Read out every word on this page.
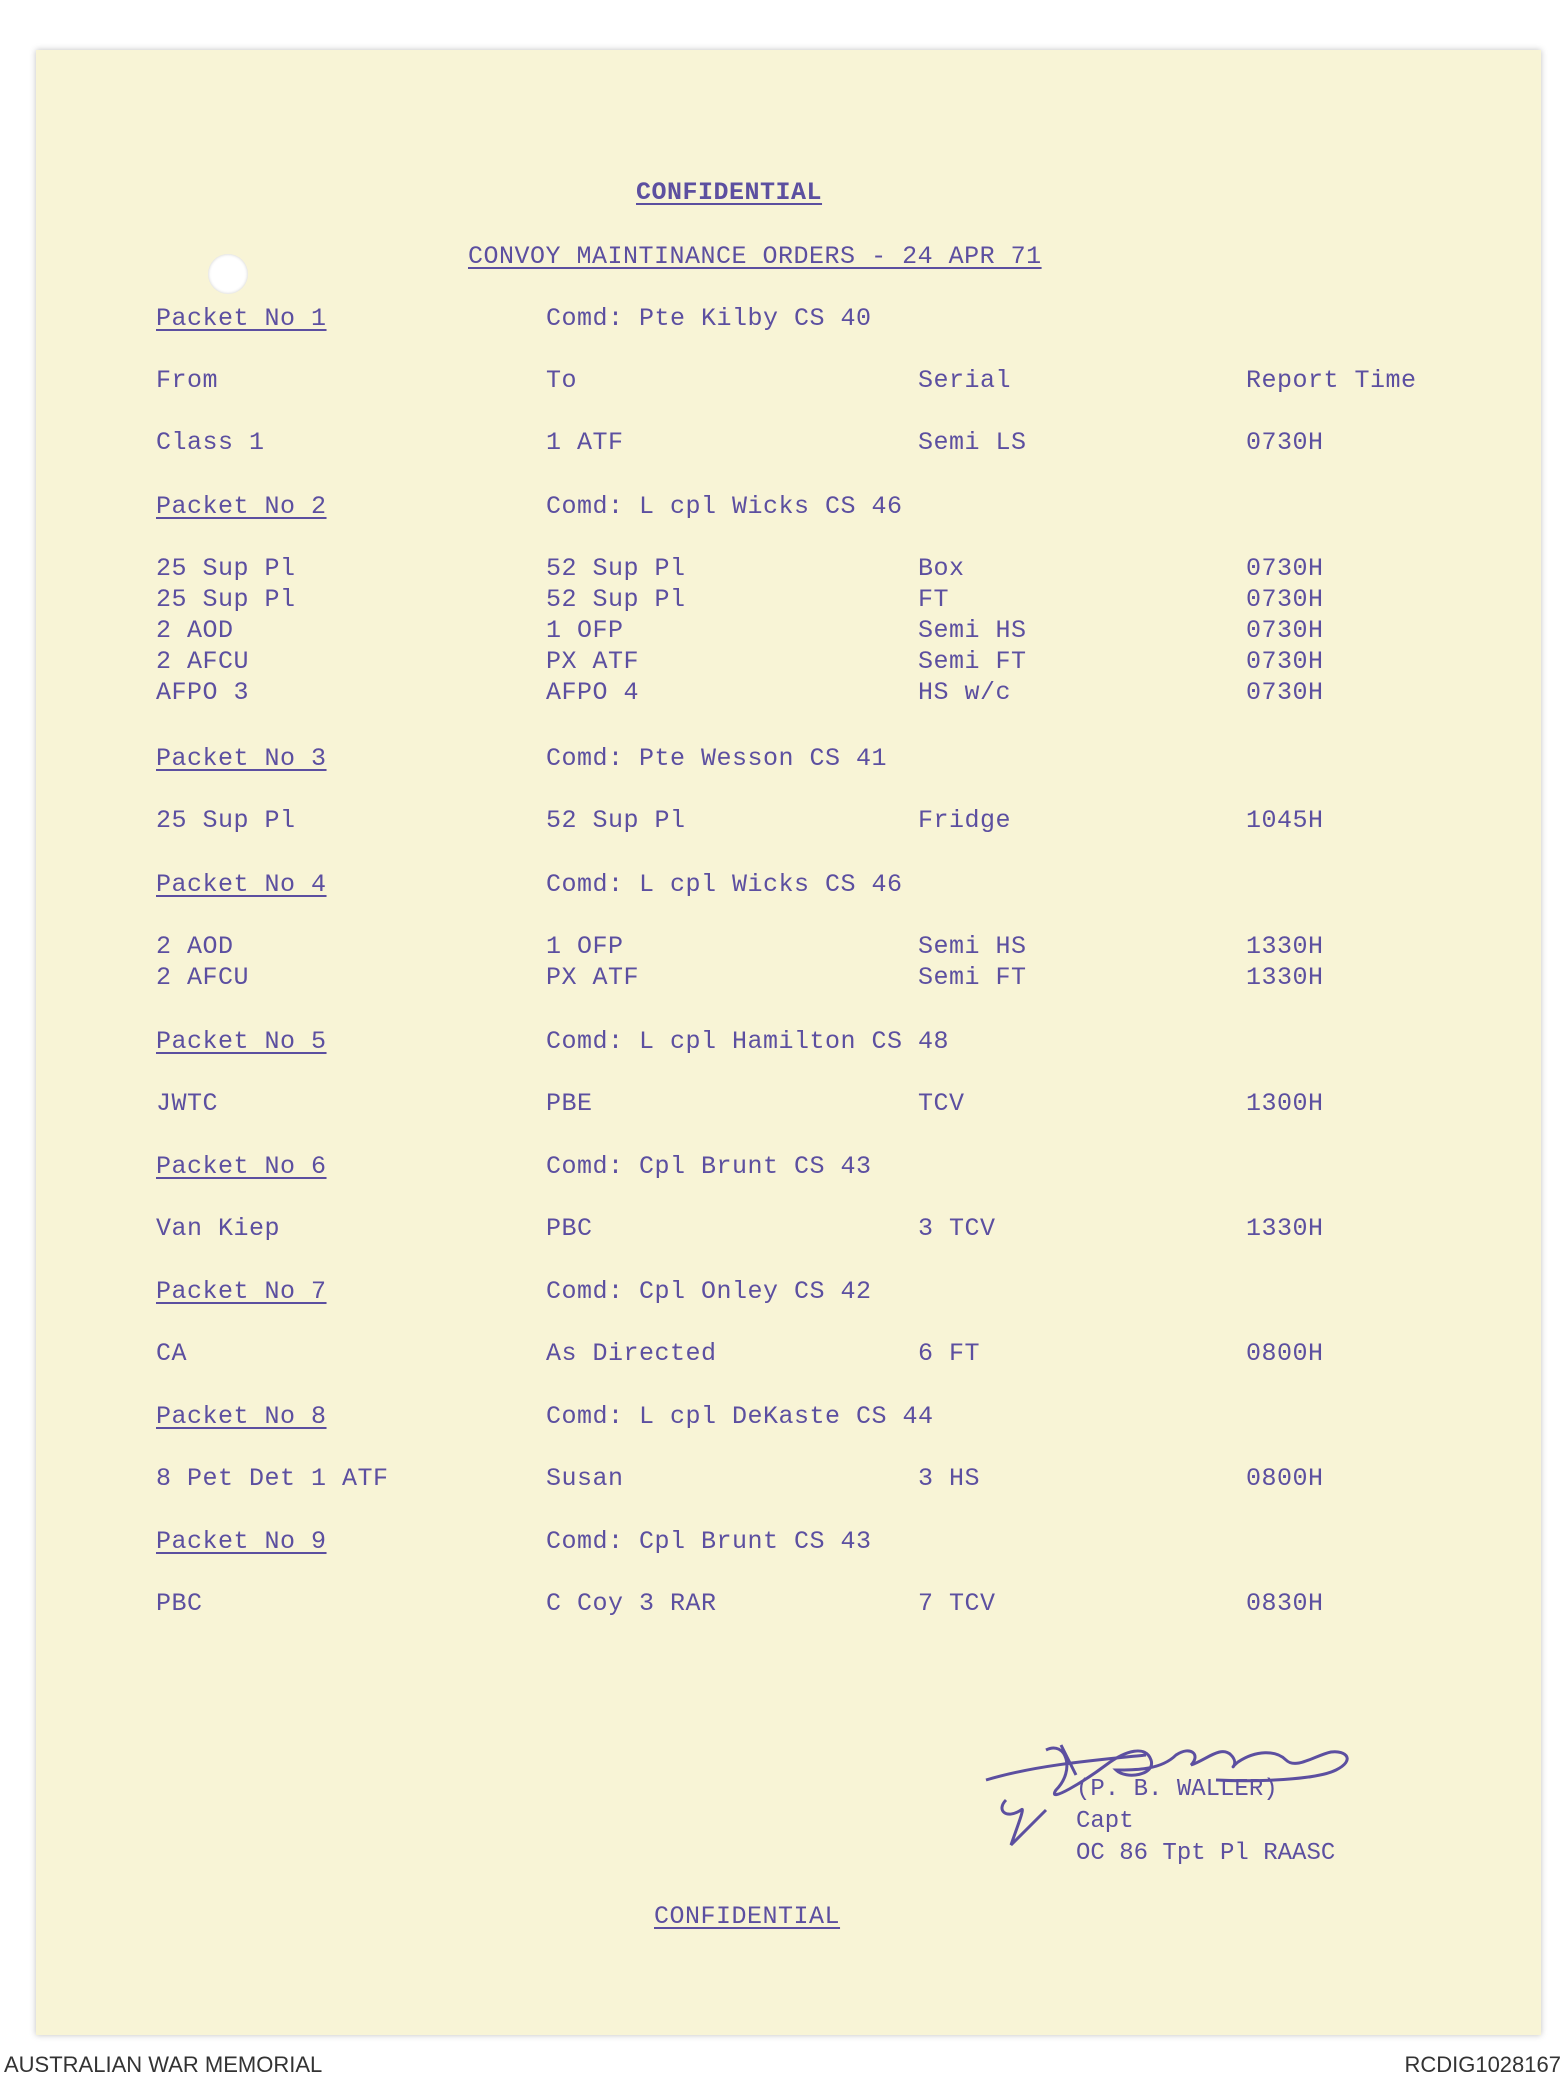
CONFIDENTIAL
CONVOY MAINTINANCE ORDERS - 24 APR 71
Packet No 1	Comd: Pte Kilby CS 40
From	To	Serial	Report Time
Class 1	1 ATF	Semi LS	0730H
Packet No 2	Comd: L cpl Wicks CS 46
25 Sup Pl	52 Sup Pl	Box	0730H
25 Sup Pl	52 Sup Pl	FT	0730H
2 AOD	1 OFP	Semi HS	0730H
2 AFCU	PX ATF	Semi FT	0730H
AFPO 3	AFPO 4	HS w/c	0730H
Packet No 3	Comd: Pte Wesson CS 41
25 Sup Pl	52 Sup Pl	Fridge	1045H
Packet No 4	Comd: L cpl Wicks CS 46
2 AOD	1 OFP	Semi HS	1330H
2 AFCU	PX ATF	Semi FT	1330H
Packet No 5	Comd: L cpl Hamilton CS 48
JWTC	PBE	TCV	1300H
Packet No 6	Comd: Cpl Brunt CS 43
Van Kiep	PBC	3 TCV	1330H
Packet No 7	Comd: Cpl Onley CS 42
CA	As Directed	6 FT	0800H
Packet No 8	Comd: L cpl DeKaste CS 44
8 Pet Det 1 ATF	Susan	3 HS	0800H
Packet No 9	Comd: Cpl Brunt CS 43
PBC	C Coy 3 RAR	7 TCV	0830H
(P. B. WALLER)
Capt
OC 86 Tpt Pl RAASC
CONFIDENTIAL
AUSTRALIAN WAR MEMORIAL	RCDIG1028167
